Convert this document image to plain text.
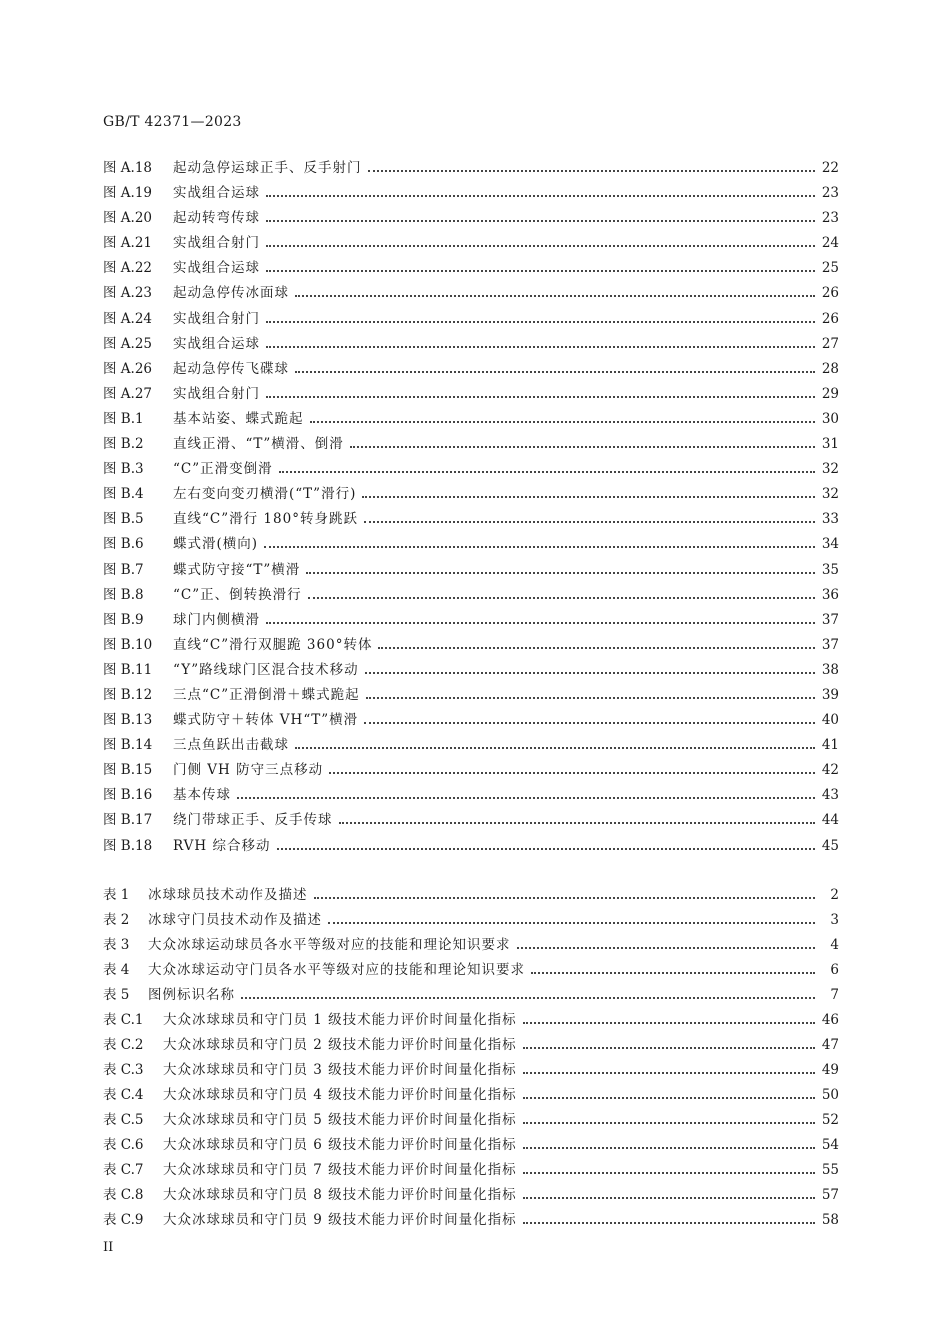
GB/T 42371—2023
图 A.18	起动急停运球正手、反手射门	22
图 A.19	实战组合运球	23
图 A.20	起动转弯传球	23
图 A.21	实战组合射门	24
图 A.22	实战组合运球	25
图 A.23	起动急停传冰面球	26
图 A.24	实战组合射门	26
图 A.25	实战组合运球	27
图 A.26	起动急停传飞碟球	28
图 A.27	实战组合射门	29
图 B.1	基本站姿、蝶式跪起	30
图 B.2	直线正滑、“T”横滑、倒滑	31
图 B.3	“C”正滑变倒滑	32
图 B.4	左右变向变刃横滑(“T”滑行)	32
图 B.5	直线“C”滑行 180°转身跳跃	33
图 B.6	蝶式滑(横向)	34
图 B.7	蝶式防守接“T”横滑	35
图 B.8	“C”正、倒转换滑行	36
图 B.9	球门内侧横滑	37
图 B.10	直线“C”滑行双腿跪 360°转体	37
图 B.11	“Y”路线球门区混合技术移动	38
图 B.12	三点“C”正滑倒滑＋蝶式跪起	39
图 B.13	蝶式防守＋转体 VH“T”横滑	40
图 B.14	三点鱼跃出击截球	41
图 B.15	门侧 VH 防守三点移动	42
图 B.16	基本传球	43
图 B.17	绕门带球正手、反手传球	44
图 B.18	RVH 综合移动	45
表 1	冰球球员技术动作及描述	2
表 2	冰球守门员技术动作及描述	3
表 3	大众冰球运动球员各水平等级对应的技能和理论知识要求	4
表 4	大众冰球运动守门员各水平等级对应的技能和理论知识要求	6
表 5	图例标识名称	7
表 C.1	大众冰球球员和守门员 1 级技术能力评价时间量化指标	46
表 C.2	大众冰球球员和守门员 2 级技术能力评价时间量化指标	47
表 C.3	大众冰球球员和守门员 3 级技术能力评价时间量化指标	49
表 C.4	大众冰球球员和守门员 4 级技术能力评价时间量化指标	50
表 C.5	大众冰球球员和守门员 5 级技术能力评价时间量化指标	52
表 C.6	大众冰球球员和守门员 6 级技术能力评价时间量化指标	54
表 C.7	大众冰球球员和守门员 7 级技术能力评价时间量化指标	55
表 C.8	大众冰球球员和守门员 8 级技术能力评价时间量化指标	57
表 C.9	大众冰球球员和守门员 9 级技术能力评价时间量化指标	58
II
